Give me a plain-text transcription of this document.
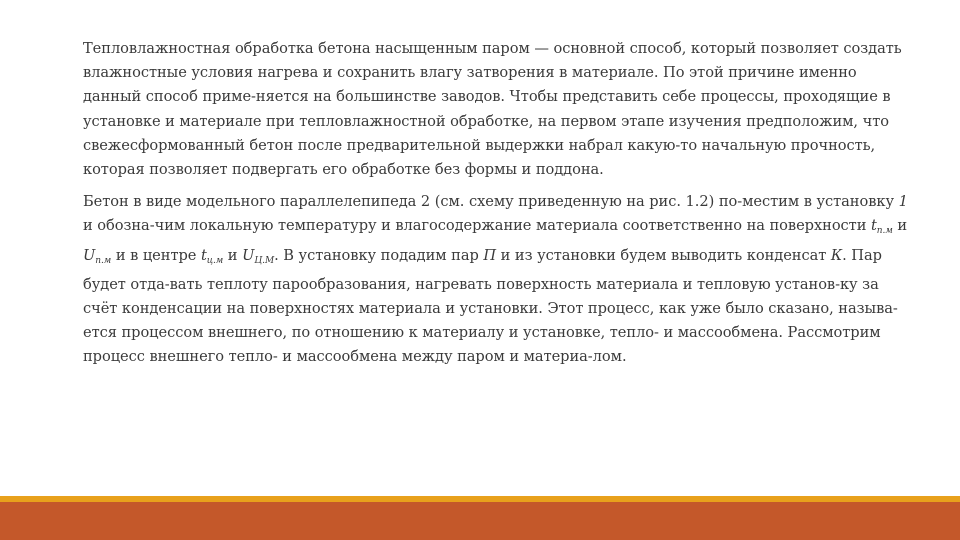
Тепловлажностная обработка бетона насыщенным паром — основной способ, который позволяет создать влажностные условия нагрева и сохранить влагу затворения в материале. По этой причине именно данный способ приме-няется на большинстве заводов. Чтобы представить себе процессы, проходящие в установке и материале при тепловлажностной обработке, на первом этапе изучения предположим, что свежесформованный бетон после предварительной выдержки набрал какую-то начальную прочность, которая позволяет подвергать его обработке без формы и поддона.

Бетон в виде модельного параллелепипеда 2 (см. схему приведенную на рис. 1.2) по-местим в установку 1 и обозна-чим локальную температуру и влагосодержание материала соответственно на поверхности $t_{п.м}$ и $U_{п.м}$ и в центре $t_{ц.м}$ и $U_{Ц.М}$. В установку подадим пар П и из установки будем выводить конденсат К. Пар будет отда-вать теплоту парообразования, нагревать поверхность материала и тепловую установ-ку за счёт конденсации на поверхностях материала и установки. Этот процесс, как уже было сказано, называ-ется процессом внешнего, по отношению к материалу и установке, тепло- и массообмена. Рассмотрим процесс внешнего тепло- и массообмена между паром и материа-лом.
